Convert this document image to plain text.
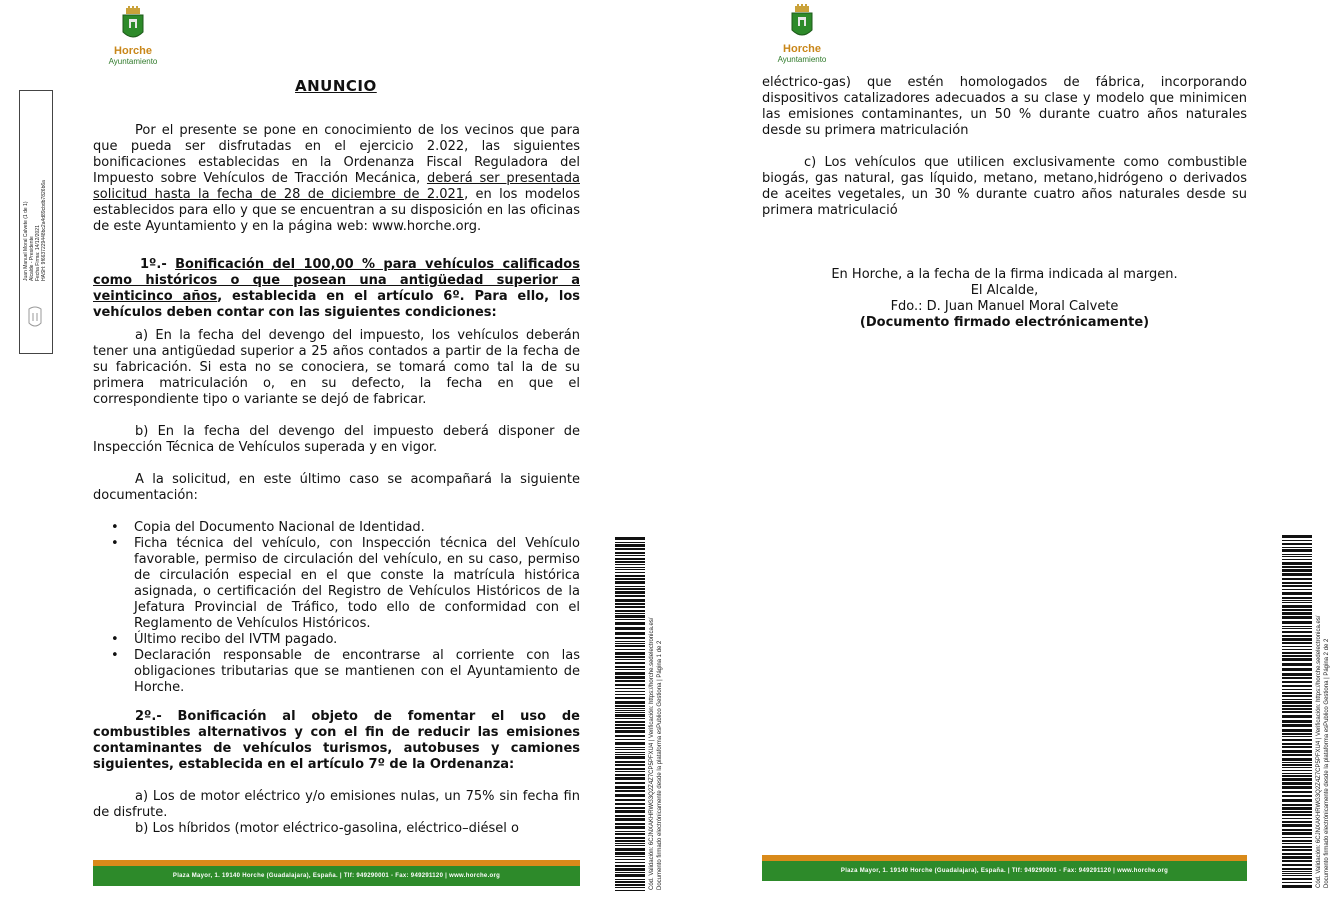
Horche
Ayuntamiento
Juan Manuel Moral Calvete (1 de 1) Alcalde - Presidente Fecha Firma: 14/12/2021 HASH: 9f6637229448bc2a4d89cbdb7826b6a
ANUNCIO
Por el presente se pone en conocimiento de los vecinos que para que pueda ser disfrutadas en el ejercicio 2.022, las siguientes bonificaciones establecidas en la Ordenanza Fiscal Reguladora del Impuesto sobre Vehículos de Tracción Mecánica, deberá ser presentada solicitud hasta la fecha de 28 de diciembre de 2.021, en los modelos establecidos para ello y que se encuentran a su disposición en las oficinas de este Ayuntamiento y en la página web: www.horche.org.
1º.- Bonificación del 100,00 % para vehículos calificados como históricos o que posean una antigüedad superior a veinticinco años, establecida en el artículo 6º. Para ello, los vehículos deben contar con las siguientes condiciones:
a) En la fecha del devengo del impuesto, los vehículos deberán tener una antigüedad superior a 25 años contados a partir de la fecha de su fabricación. Si esta no se conociera, se tomará como tal la de su primera matriculación o, en su defecto, la fecha en que el correspondiente tipo o variante se dejó de fabricar.
b) En la fecha del devengo del impuesto deberá disponer de Inspección Técnica de Vehículos superada y en vigor.
A la solicitud, en este último caso se acompañará la siguiente documentación:
• Copia del Documento Nacional de Identidad.
• Ficha técnica del vehículo, con Inspección técnica del Vehículo favorable, permiso de circulación del vehículo, en su caso, permiso de circulación especial en el que conste la matrícula histórica asignada, o certificación del Registro de Vehículos Históricos de la Jefatura Provincial de Tráfico, todo ello de conformidad con el Reglamento de Vehículos Históricos.
• Último recibo del IVTM pagado.
• Declaración responsable de encontrarse al corriente con las obligaciones tributarias que se mantienen con el Ayuntamiento de Horche.
2º.- Bonificación al objeto de fomentar el uso de combustibles alternativos y con el fin de reducir las emisiones contaminantes de vehículos turismos, autobuses y camiones siguientes, establecida en el artículo 7º de la Ordenanza:
a) Los de motor eléctrico y/o emisiones nulas, un 75% sin fecha fin de disfrute.
b) Los híbridos (motor eléctrico-gasolina, eléctrico–diésel o
Plaza Mayor, 1. 19140 Horche (Guadalajara), España. | Tlf: 949290001 - Fax: 949291120 | www.horche.org	Cód. Validación: 6CJNXAKHRWG3Q2Z4Z7CP5PFXU4 | Verificación: https://horche.sedelectronica.es/ Documento firmado electrónicamente desde la plataforma esPublico Gestiona | Página 1 de 2
Horche
Ayuntamiento
eléctrico-gas) que estén homologados de fábrica, incorporando dispositivos catalizadores adecuados a su clase y modelo que minimicen las emisiones contaminantes, un 50 % durante cuatro años naturales desde su primera matriculación
c) Los vehículos que utilicen exclusivamente como combustible biogás, gas natural, gas líquido, metano, metano,hidrógeno o derivados de aceites vegetales, un 30 % durante cuatro años naturales desde su primera matriculació
En Horche, a la fecha de la firma indicada al margen.
El Alcalde,
Fdo.: D. Juan Manuel Moral Calvete
(Documento firmado electrónicamente)
Plaza Mayor, 1. 19140 Horche (Guadalajara), España. | Tlf: 949290001 - Fax: 949291120 | www.horche.org	Cód. Validación: 6CJNXAKHRWG3Q2Z4Z7CP5PFXU4 | Verificación: https://horche.sedelectronica.es/ Documento firmado electrónicamente desde la plataforma esPublico Gestiona | Página 2 de 2
